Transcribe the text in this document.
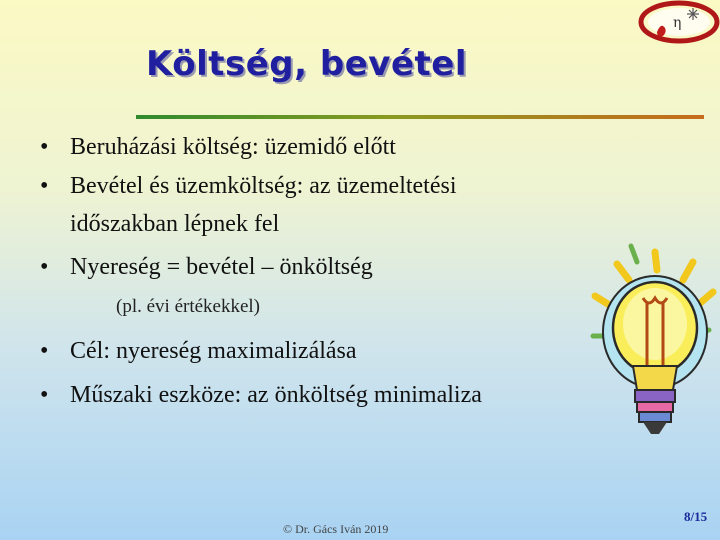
Költség, bevétel
η
• Beruházási költség: üzemidő előtt
• Bevétel és üzemköltség: az üzemeltetési
időszakban lépnek fel
• Nyereség = bevétel – önköltség
(pl. évi értékekkel)
• Cél: nyereség maximalizálása
• Műszaki eszköze: az önköltség minimaliza
© Dr. Gács Iván 2019
8/15
